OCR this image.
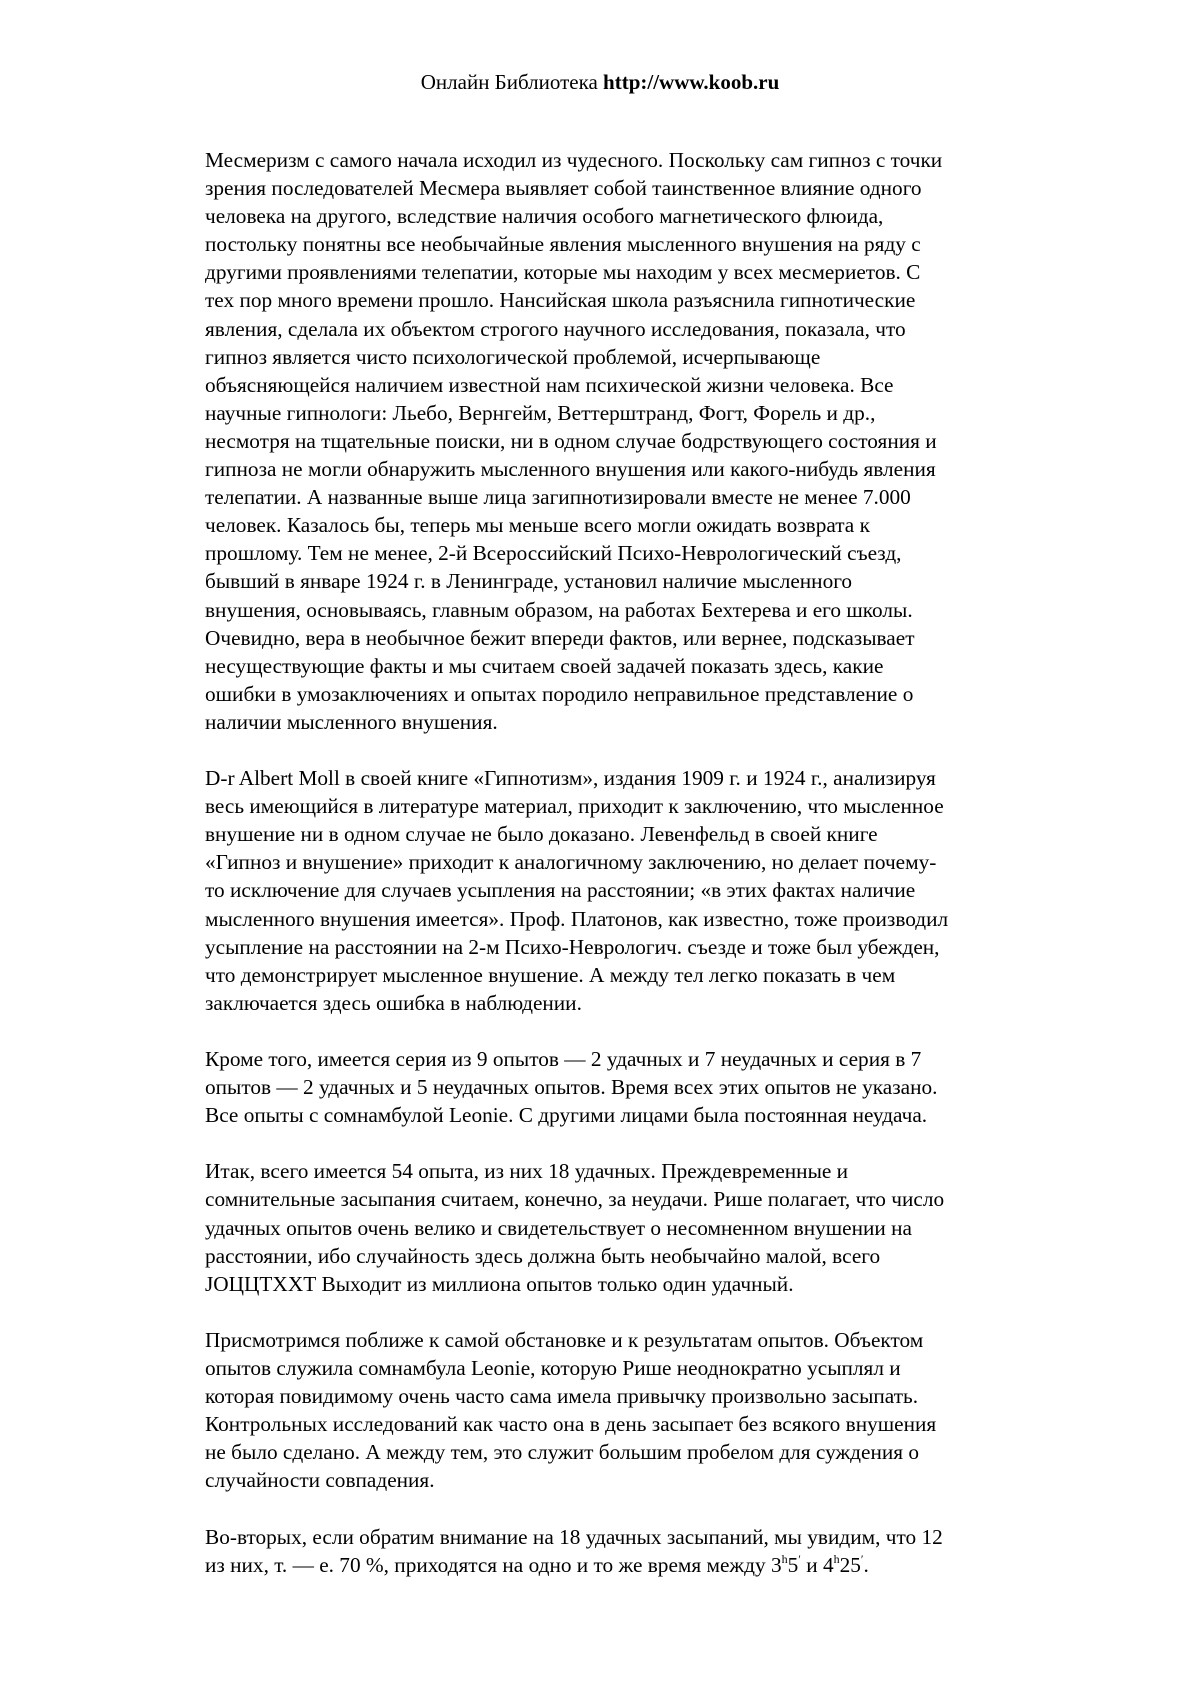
Онлайн Библиотека http://www.koob.ru
Месмеризм с самого начала исходил из чудесного. Поскольку сам гипноз с точки
зрения последователей Месмера выявляет собой таинственное влияние одного
человека на другого, вследствие наличия особого магнетического флюида,
постольку понятны все необычайные явления мысленного внушения на ряду с
другими проявлениями телепатии, которые мы находим у всех месмериетов. С
тех пор много времени прошло. Нансийская школа разъяснила гипнотические
явления, сделала их объектом строгого научного исследования, показала, что
гипноз является чисто психологической проблемой, исчерпывающе
объясняющейся наличием известной нам психической жизни человека. Все
научные гипнологи: Льебо, Вернгейм, Веттерштранд, Фогт, Форель и др.,
несмотря на тщательные поиски, ни в одном случае бодрствующего состояния и
гипноза не могли обнаружить мысленного внушения или какого-нибудь явления
телепатии. А названные выше лица загипнотизировали вместе не менее 7.000
человек. Казалось бы, теперь мы меньше всего могли ожидать возврата к
прошлому. Тем не менее, 2-й Всероссийский Психо-Неврологический съезд,
бывший в январе 1924 г. в Ленинграде, установил наличие мысленного
внушения, основываясь, главным образом, на работах Бехтерева и его школы.
Очевидно, вера в необычное бежит впереди фактов, или вернее, подсказывает
несуществующие факты и мы считаем своей задачей показать здесь, какие
ошибки в умозаключениях и опытах породило неправильное представление о
наличии мысленного внушения.
D-r Albert Moll в своей книге «Гипнотизм», издания 1909 г. и 1924 г., анализируя
весь имеющийся в литературе материал, приходит к заключению, что мысленное
внушение ни в одном случае не было доказано. Левенфельд в своей книге
«Гипноз и внушение» приходит к аналогичному заключению, но делает почему-
то исключение для случаев усыпления на расстоянии; «в этих фактах наличие
мысленного внушения имеется». Проф. Платонов, как известно, тоже производил
усыпление на расстоянии на 2-м Психо-Неврологич. съезде и тоже был убежден,
что демонстрирует мысленное внушение. А между тел легко показать в чем
заключается здесь ошибка в наблюдении.
Кроме того, имеется серия из 9 опытов — 2 удачных и 7 неудачных и серия в 7
опытов — 2 удачных и 5 неудачных опытов. Время всех этих опытов не указано.
Все опыты с сомнамбулой Leonie. С другими лицами была постоянная неудача.
Итак, всего имеется 54 опыта, из них 18 удачных. Преждевременные и
сомнительные засыпания считаем, конечно, за неудачи. Рише полагает, что число
удачных опытов очень велико и свидетельствует о несомненном внушении на
расстоянии, ибо случайность здесь должна быть необычайно малой, всего
JОЦЦТХХТ Выходит из миллиона опытов только один удачный.
Присмотримся поближе к самой обстановке и к результатам опытов. Объектом
опытов служила сомнамбула Leonie, которую Рише неоднократно усыплял и
которая повидимому очень часто сама имела привычку произвольно засыпать.
Контрольных исследований как часто она в день засыпает без всякого внушения
не было сделано. А между тем, это служит большим пробелом для суждения о
случайности совпадения.
Во-вторых, если обратим внимание на 18 удачных засыпаний, мы увидим, что 12
из них, т. — е. 70 %, приходятся на одно и то же время между 3$^h$5′ и 4$^h$25′.
